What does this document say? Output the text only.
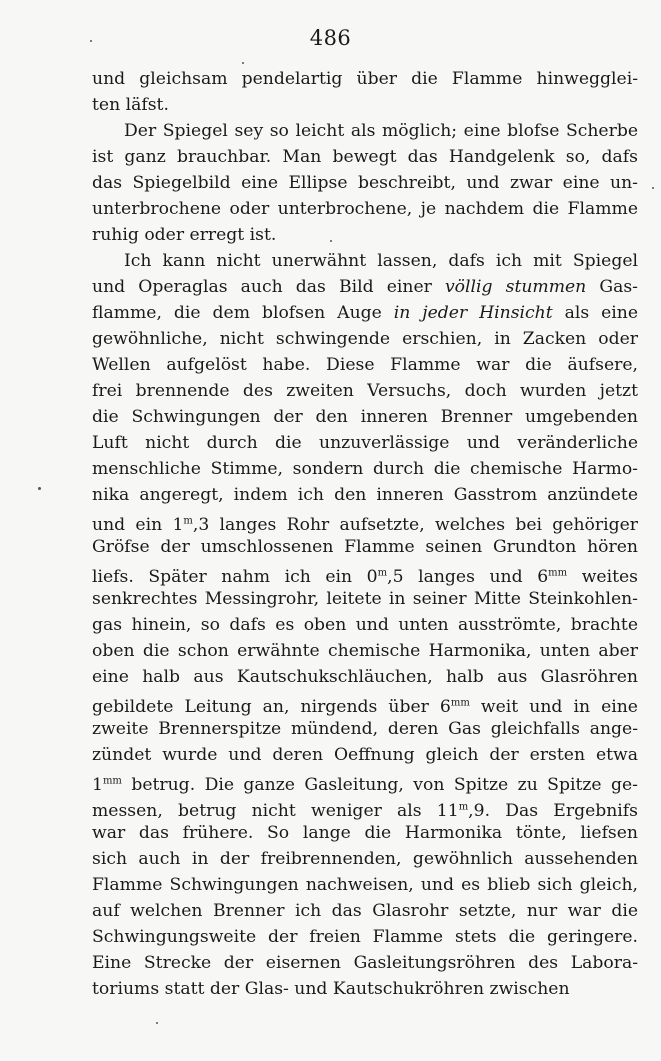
486
und gleichsam pendelartig über die Flamme hinwegglei-
ten läfst.
Der Spiegel sey so leicht als möglich; eine blofse Scherbe
ist ganz brauchbar. Man bewegt das Handgelenk so, dafs
das Spiegelbild eine Ellipse beschreibt, und zwar eine un-
unterbrochene oder unterbrochene, je nachdem die Flamme
ruhig oder erregt ist.
Ich kann nicht unerwähnt lassen, dafs ich mit Spiegel
und Operaglas auch das Bild einer völlig stummen Gas-
flamme, die dem blofsen Auge in jeder Hinsicht als eine
gewöhnliche, nicht schwingende erschien, in Zacken oder
Wellen aufgelöst habe. Diese Flamme war die äufsere,
frei brennende des zweiten Versuchs, doch wurden jetzt
die Schwingungen der den inneren Brenner umgebenden
Luft nicht durch die unzuverlässige und veränderliche
menschliche Stimme, sondern durch die chemische Harmo-
nika angeregt, indem ich den inneren Gasstrom anzündete
und ein 1$^m$,3 langes Rohr aufsetzte, welches bei gehöriger
Gröfse der umschlossenen Flamme seinen Grundton hören
liefs. Später nahm ich ein 0$^m$,5 langes und $6^{mm}$ weites
senkrechtes Messingrohr, leitete in seiner Mitte Steinkohlen-
gas hinein, so dafs es oben und unten ausströmte, brachte
oben die schon erwähnte chemische Harmonika, unten aber
eine halb aus Kautschukschläuchen, halb aus Glasröhren
gebildete Leitung an, nirgends über $6^{mm}$ weit und in eine
zweite Brennerspitze mündend, deren Gas gleichfalls ange-
zündet wurde und deren Oeffnung gleich der ersten etwa
$1^{mm}$ betrug. Die ganze Gasleitung, von Spitze zu Spitze ge-
messen, betrug nicht weniger als 11$^m$,9. Das Ergebnifs
war das frühere. So lange die Harmonika tönte, liefsen
sich auch in der freibrennenden, gewöhnlich aussehenden
Flamme Schwingungen nachweisen, und es blieb sich gleich,
auf welchen Brenner ich das Glasrohr setzte, nur war die
Schwingungsweite der freien Flamme stets die geringere.
Eine Strecke der eisernen Gasleitungsröhren des Labora-
toriums statt der Glas- und Kautschukröhren zwischen
